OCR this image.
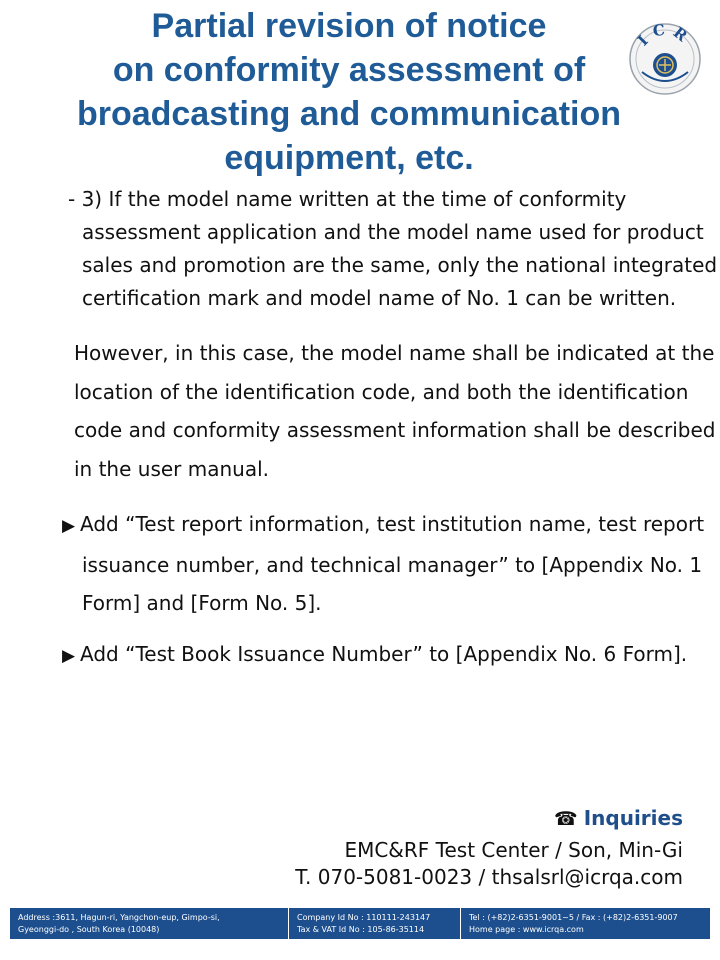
Partial revision of notice
on conformity assessment of
broadcasting and communication
equipment, etc.
ICR
- 3) If the model name written at the time of conformity
assessment application and the model name used for product
sales and promotion are the same, only the national integrated
certification mark and model name of No. 1 can be written.
However, in this case, the model name shall be indicated at the
location of the identification code, and both the identification
code and conformity assessment information shall be described
in the user manual.
▶ Add “Test report information, test institution name, test report
issuance number, and technical manager” to [Appendix No. 1
Form] and [Form No. 5].
▶ Add “Test Book Issuance Number” to [Appendix No. 6 Form].
☎ Inquiries
EMC&RF Test Center / Son, Min-Gi
T. 070-5081-0023 / thsalsrl@icrqa.com
Address :3611, Hagun-ri, Yangchon-eup, Gimpo-si,
Gyeonggi-do , South Korea (10048)
Company Id No : 110111-243147
Tax & VAT Id No : 105-86-35114
Tel : (+82)2-6351-9001~5 / Fax : (+82)2-6351-9007
Home page : www.icrqa.com
